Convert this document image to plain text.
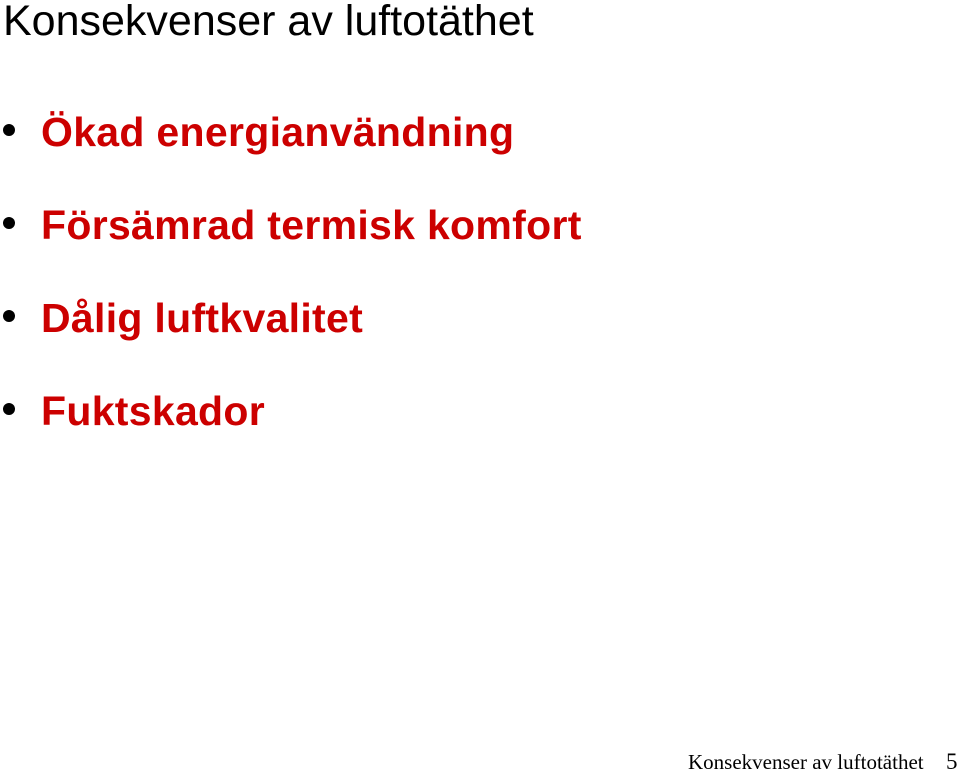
Konsekvenser av luftotäthet
Ökad energianvändning
Försämrad termisk komfort
Dålig luftkvalitet
Fuktskador
Konsekvenser av luftotäthet 5
